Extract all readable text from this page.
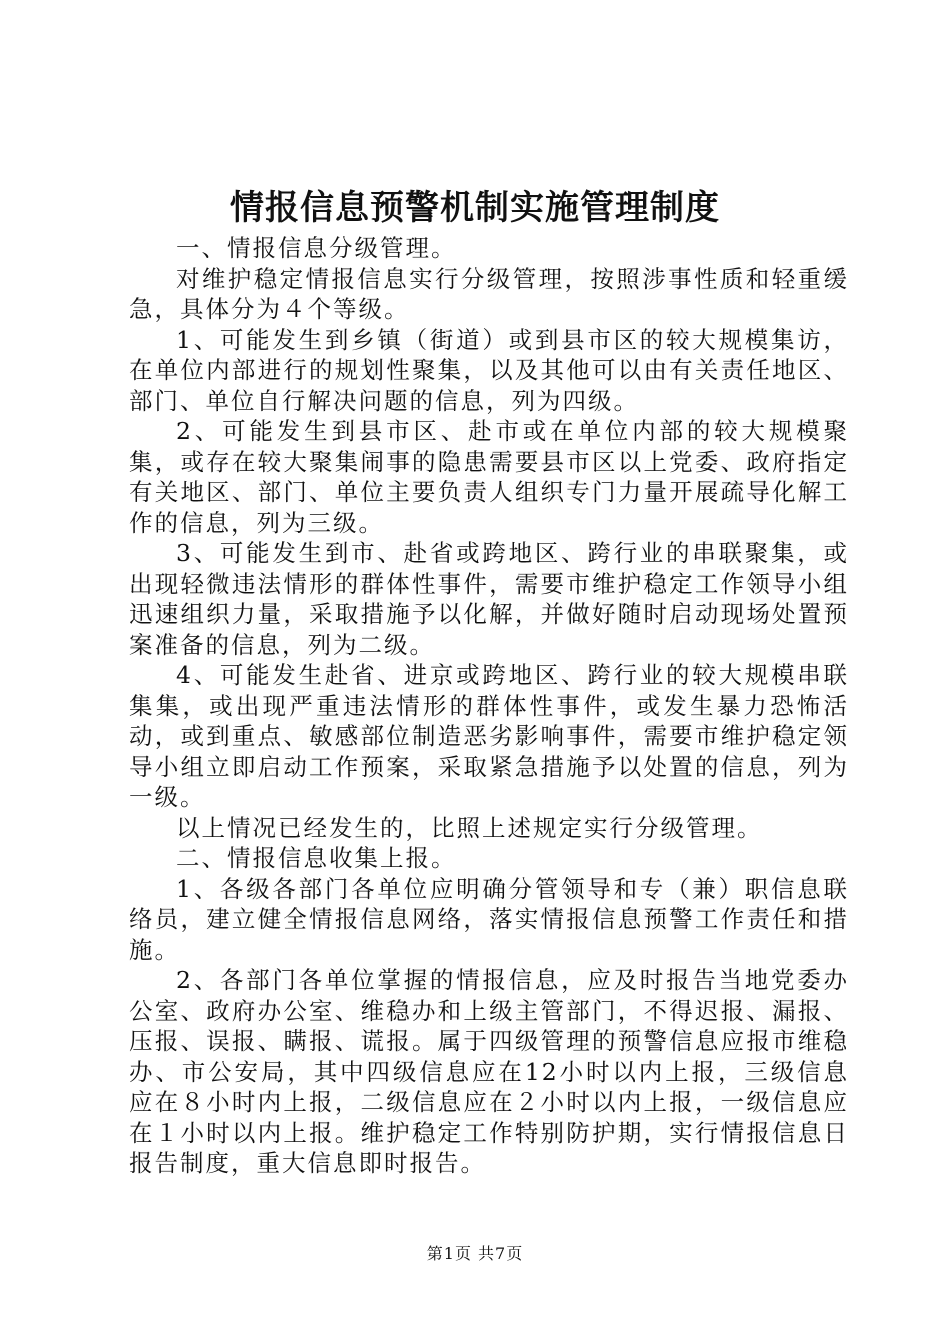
情报信息预警机制实施管理制度

一、情报信息分级管理。

对维护稳定情报信息实行分级管理，按照涉事性质和轻重缓急，具体分为４个等级。

1、可能发生到乡镇（街道）或到县市区的较大规模集访，在单位内部进行的规划性聚集，以及其他可以由有关责任地区、部门、单位自行解决问题的信息，列为四级。

2、可能发生到县市区、赴市或在单位内部的较大规模聚集，或存在较大聚集闹事的隐患需要县市区以上党委、政府指定有关地区、部门、单位主要负责人组织专门力量开展疏导化解工作的信息，列为三级。

3、可能发生到市、赴省或跨地区、跨行业的串联聚集，或出现轻微违法情形的群体性事件，需要市维护稳定工作领导小组迅速组织力量，采取措施予以化解，并做好随时启动现场处置预案准备的信息，列为二级。

4、可能发生赴省、进京或跨地区、跨行业的较大规模串联集集，或出现严重违法情形的群体性事件，或发生暴力恐怖活动，或到重点、敏感部位制造恶劣影响事件，需要市维护稳定领导小组立即启动工作预案，采取紧急措施予以处置的信息，列为一级。

以上情况已经发生的，比照上述规定实行分级管理。

二、情报信息收集上报。

1、各级各部门各单位应明确分管领导和专（兼）职信息联络员，建立健全情报信息网络，落实情报信息预警工作责任和措施。

2、各部门各单位掌握的情报信息，应及时报告当地党委办公室、政府办公室、维稳办和上级主管部门，不得迟报、漏报、压报、误报、瞒报、谎报。属于四级管理的预警信息应报市维稳办、市公安局，其中四级信息应在12小时以内上报，三级信息应在８小时内上报，二级信息应在２小时以内上报，一级信息应在１小时以内上报。维护稳定工作特别防护期，实行情报信息日报告制度，重大信息即时报告。

第1页 共7页
